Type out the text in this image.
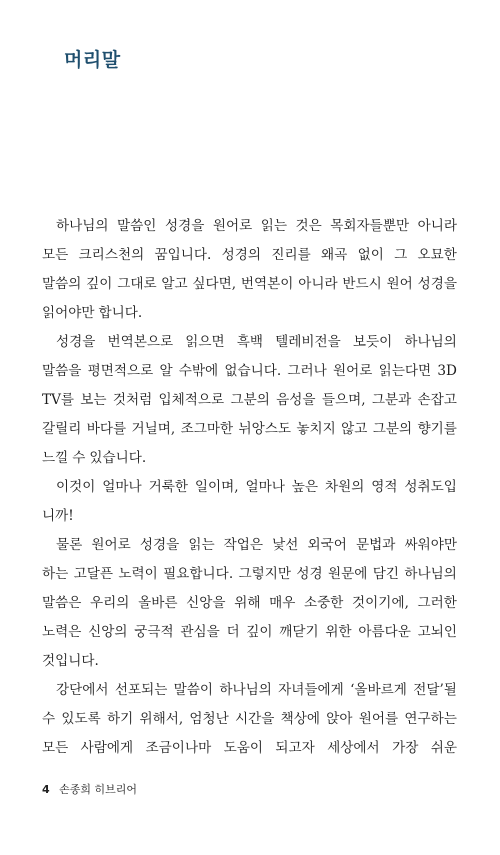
머리말
하나님의 말씀인 성경을 원어로 읽는 것은 목회자들뿐만 아니라
모든 크리스천의 꿈입니다. 성경의 진리를 왜곡 없이 그 오묘한
말씀의 깊이 그대로 알고 싶다면, 번역본이 아니라 반드시 원어 성경을
읽어야만 합니다.
성경을 번역본으로 읽으면 흑백 텔레비전을 보듯이 하나님의
말씀을 평면적으로 알 수밖에 없습니다. 그러나 원어로 읽는다면 3D
TV를 보는 것처럼 입체적으로 그분의 음성을 들으며, 그분과 손잡고
갈릴리 바다를 거닐며, 조그마한 뉘앙스도 놓치지 않고 그분의 향기를
느낄 수 있습니다.
이것이 얼마나 거룩한 일이며, 얼마나 높은 차원의 영적 성취도입
니까!
물론 원어로 성경을 읽는 작업은 낯선 외국어 문법과 싸워야만
하는 고달픈 노력이 필요합니다. 그렇지만 성경 원문에 담긴 하나님의
말씀은 우리의 올바른 신앙을 위해 매우 소중한 것이기에, 그러한
노력은 신앙의 궁극적 관심을 더 깊이 깨닫기 위한 아름다운 고뇌인
것입니다.
강단에서 선포되는 말씀이 하나님의 자녀들에게 ‘올바르게 전달’될
수 있도록 하기 위해서, 엄청난 시간을 책상에 앉아 원어를 연구하는
모든 사람에게 조금이나마 도움이 되고자 세상에서 가장 쉬운
4 손종희 히브리어
